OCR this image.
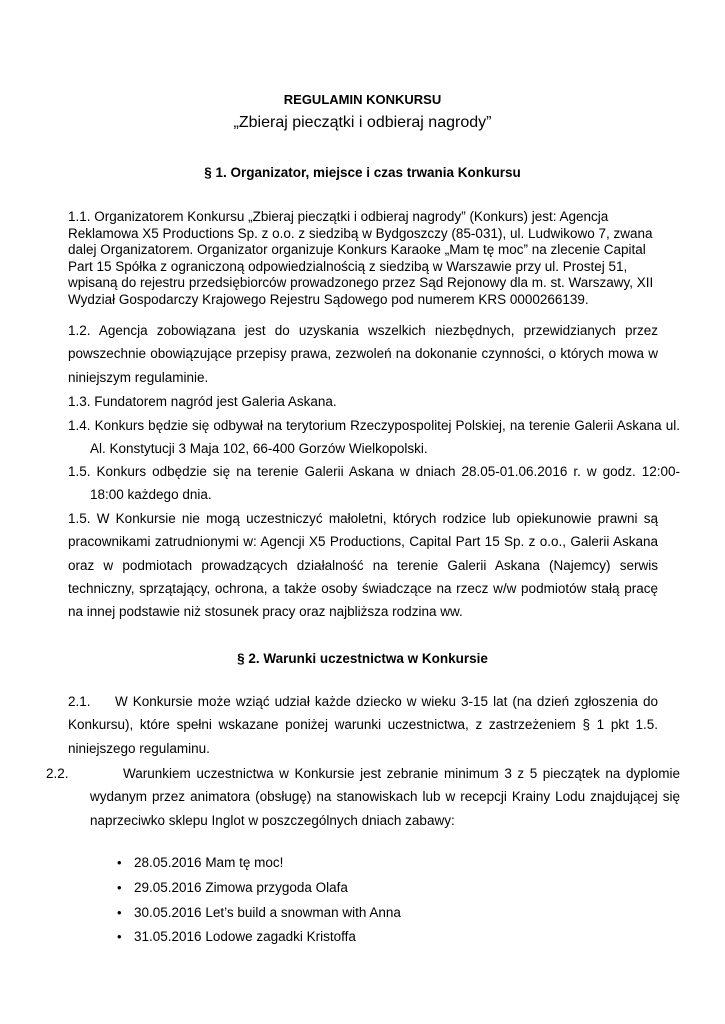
REGULAMIN KONKURSU
„Zbieraj pieczątki i odbieraj nagrody”
§ 1. Organizator, miejsce i czas trwania Konkursu
1.1. Organizatorem Konkursu „Zbieraj pieczątki i odbieraj nagrody” (Konkurs) jest: Agencja Reklamowa X5 Productions Sp. z o.o. z siedzibą w Bydgoszczy (85-031), ul. Ludwikowo 7, zwana dalej Organizatorem. Organizator organizuje Konkurs Karaoke „Mam tę moc” na zlecenie Capital Part 15 Spółka z ograniczoną odpowiedzialnością z siedzibą w Warszawie przy ul. Prostej 51, wpisaną do rejestru przedsiębiorców prowadzonego przez Sąd Rejonowy dla m. st. Warszawy, XII Wydział Gospodarczy Krajowego Rejestru Sądowego pod numerem KRS 0000266139.
1.2. Agencja zobowiązana jest do uzyskania wszelkich niezbędnych, przewidzianych przez powszechnie obowiązujące przepisy prawa, zezwoleń na dokonanie czynności, o których mowa w niniejszym regulaminie.
1.3. Fundatorem nagród jest Galeria Askana.
1.4. Konkurs będzie się odbywał na terytorium Rzeczypospolitej Polskiej, na terenie Galerii Askana ul. Al. Konstytucji 3 Maja 102, 66-400 Gorzów Wielkopolski.
1.5. Konkurs odbędzie się na terenie Galerii Askana w dniach 28.05-01.06.2016 r. w godz. 12:00-18:00 każdego dnia.
1.5. W Konkursie nie mogą uczestniczyć małoletni, których rodzice lub opiekunowie prawni są pracownikami zatrudnionymi w: Agencji X5 Productions, Capital Part 15 Sp. z o.o., Galerii Askana oraz w podmiotach prowadzących działalność na terenie Galerii Askana (Najemcy) serwis techniczny, sprzątający, ochrona, a także osoby świadczące na rzecz w/w podmiotów stałą pracę na innej podstawie niż stosunek pracy oraz najbliższa rodzina ww.
§ 2. Warunki uczestnictwa w Konkursie
2.1. W Konkursie może wziąć udział każde dziecko w wieku 3-15 lat (na dzień zgłoszenia do Konkursu), które spełni wskazane poniżej warunki uczestnictwa, z zastrzeżeniem § 1 pkt 1.5. niniejszego regulaminu.
2.2.	Warunkiem uczestnictwa w Konkursie jest zebranie minimum 3 z 5 pieczątek na dyplomie wydanym przez animatora (obsługę) na stanowiskach lub w recepcji Krainy Lodu znajdującej się naprzeciwko sklepu Inglot w poszczególnych dniach zabawy:
• 28.05.2016 Mam tę moc!
• 29.05.2016 Zimowa przygoda Olafa
• 30.05.2016 Let’s build a snowman with Anna
• 31.05.2016 Lodowe zagadki Kristoffa
